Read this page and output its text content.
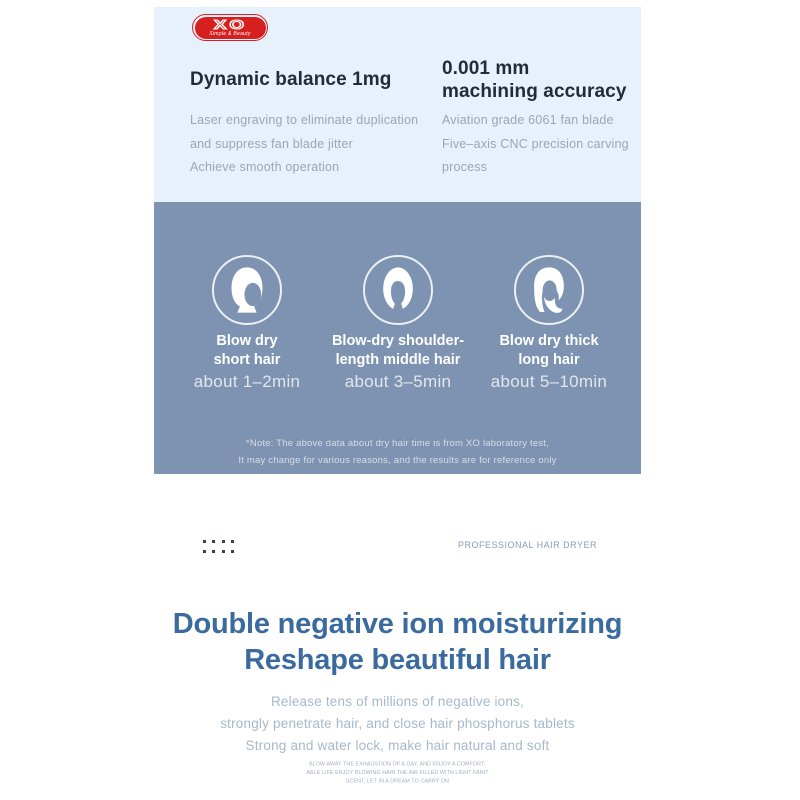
XO
Simple & Beauty
Dynamic balance 1mg
Laser engraving to eliminate duplication
and suppress fan blade jitter
Achieve smooth operation
0.001 mm
machining accuracy
Aviation grade 6061 fan blade
Five–axis CNC precision carving
process
Blow dry
short hair
Blow-dry shoulder-
length middle hair
Blow dry thick
long hair
about 1–2min	about 3–5min	about 5–10min
*Note: The above data about dry hair time is from XO laboratory test,
It may change for various reasons, and the results are for reference only
PROFESSIONAL HAIR DRYER
Double negative ion moisturizing
Reshape beautiful hair
Release tens of millions of negative ions,
strongly penetrate hair, and close hair phosphorus tablets
Strong and water lock, make hair natural and soft
BLOW AWAY THE EXHAUSTION OF A DAY, AND ENJOY A COMFORT-
ABLE LIFE ENJOY BLOWING HAIR THE AIR FILLED WITH LIGHT FAINT
SCENT, LET IN A DREAM TO CARRY ON
